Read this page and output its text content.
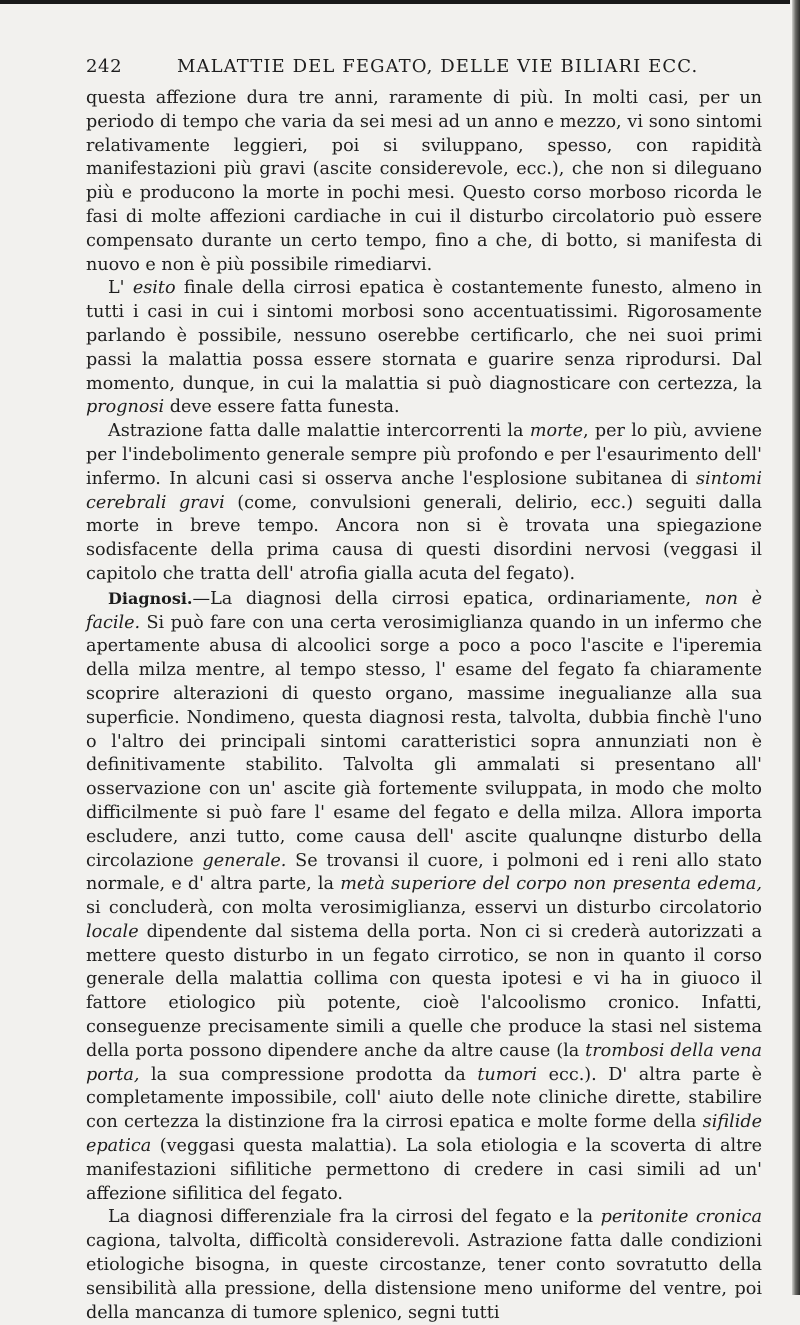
242	MALATTIE DEL FEGATO, DELLE VIE BILIARI ECC.

questa affezione dura tre anni, raramente di più. In molti casi, per un periodo di tempo che varia da sei mesi ad un anno e mezzo, vi sono sintomi relativamente leggieri, poi si sviluppano, spesso, con rapidità manifestazioni più gravi (ascite considerevole, ecc.), che non si dileguano più e producono la morte in pochi mesi. Questo corso morboso ricorda le fasi di molte affezioni cardiache in cui il disturbo circolatorio può essere compensato durante un certo tempo, fino a che, di botto, si manifesta di nuovo e non è più possibile rimediarvi.

L' esito finale della cirrosi epatica è costantemente funesto, almeno in tutti i casi in cui i sintomi morbosi sono accentuatissimi. Rigorosamente parlando è possibile, nessuno oserebbe certificarlo, che nei suoi primi passi la malattia possa essere stornata e guarire senza riprodursi. Dal momento, dunque, in cui la malattia si può diagnosticare con certezza, la prognosi deve essere fatta funesta.

Astrazione fatta dalle malattie intercorrenti la morte, per lo più, avviene per l'indebolimento generale sempre più profondo e per l'esaurimento dell' infermo. In alcuni casi si osserva anche l'esplosione subitanea di sintomi cerebrali gravi (come, convulsioni generali, delirio, ecc.) seguiti dalla morte in breve tempo. Ancora non si è trovata una spiegazione sodisfacente della prima causa di questi disordini nervosi (veggasi il capitolo che tratta dell' atrofia gialla acuta del fegato).

Diagnosi.—La diagnosi della cirrosi epatica, ordinariamente, non è facile. Si può fare con una certa verosimiglianza quando in un infermo che apertamente abusa di alcoolici sorge a poco a poco l'ascite e l'iperemia della milza mentre, al tempo stesso, l' esame del fegato fa chiaramente scoprire alterazioni di questo organo, massime inegualianze alla sua superficie. Nondimeno, questa diagnosi resta, talvolta, dubbia finchè l'uno o l'altro dei principali sintomi caratteristici sopra annunziati non è definitivamente stabilito. Talvolta gli ammalati si presentano all' osservazione con un' ascite già fortemente sviluppata, in modo che molto difficilmente si può fare l' esame del fegato e della milza. Allora importa escludere, anzi tutto, come causa dell' ascite qualunqne disturbo della circolazione generale. Se trovansi il cuore, i polmoni ed i reni allo stato normale, e d' altra parte, la metà superiore del corpo non presenta edema, si concluderà, con molta verosimiglianza, esservi un disturbo circolatorio locale dipendente dal sistema della porta. Non ci si crederà autorizzati a mettere questo disturbo in un fegato cirrotico, se non in quanto il corso generale della malattia collima con questa ipotesi e vi ha in giuoco il fattore etiologico più potente, cioè l'alcoolismo cronico. Infatti, conseguenze precisamente simili a quelle che produce la stasi nel sistema della porta possono dipendere anche da altre cause (la trombosi della vena porta, la sua compressione prodotta da tumori ecc.). D' altra parte è completamente impossibile, coll' aiuto delle note cliniche dirette, stabilire con certezza la distinzione fra la cirrosi epatica e molte forme della sifilide epatica (veggasi questa malattia). La sola etiologia e la scoverta di altre manifestazioni sifilitiche permettono di credere in casi simili ad un' affezione sifilitica del fegato.

La diagnosi differenziale fra la cirrosi del fegato e la peritonite cronica cagiona, talvolta, difficoltà considerevoli. Astrazione fatta dalle condizioni etiologiche bisogna, in queste circostanze, tener conto sovratutto della sensibilità alla pressione, della distensione meno uniforme del ventre, poi della mancanza di tumore splenico, segni tutti
